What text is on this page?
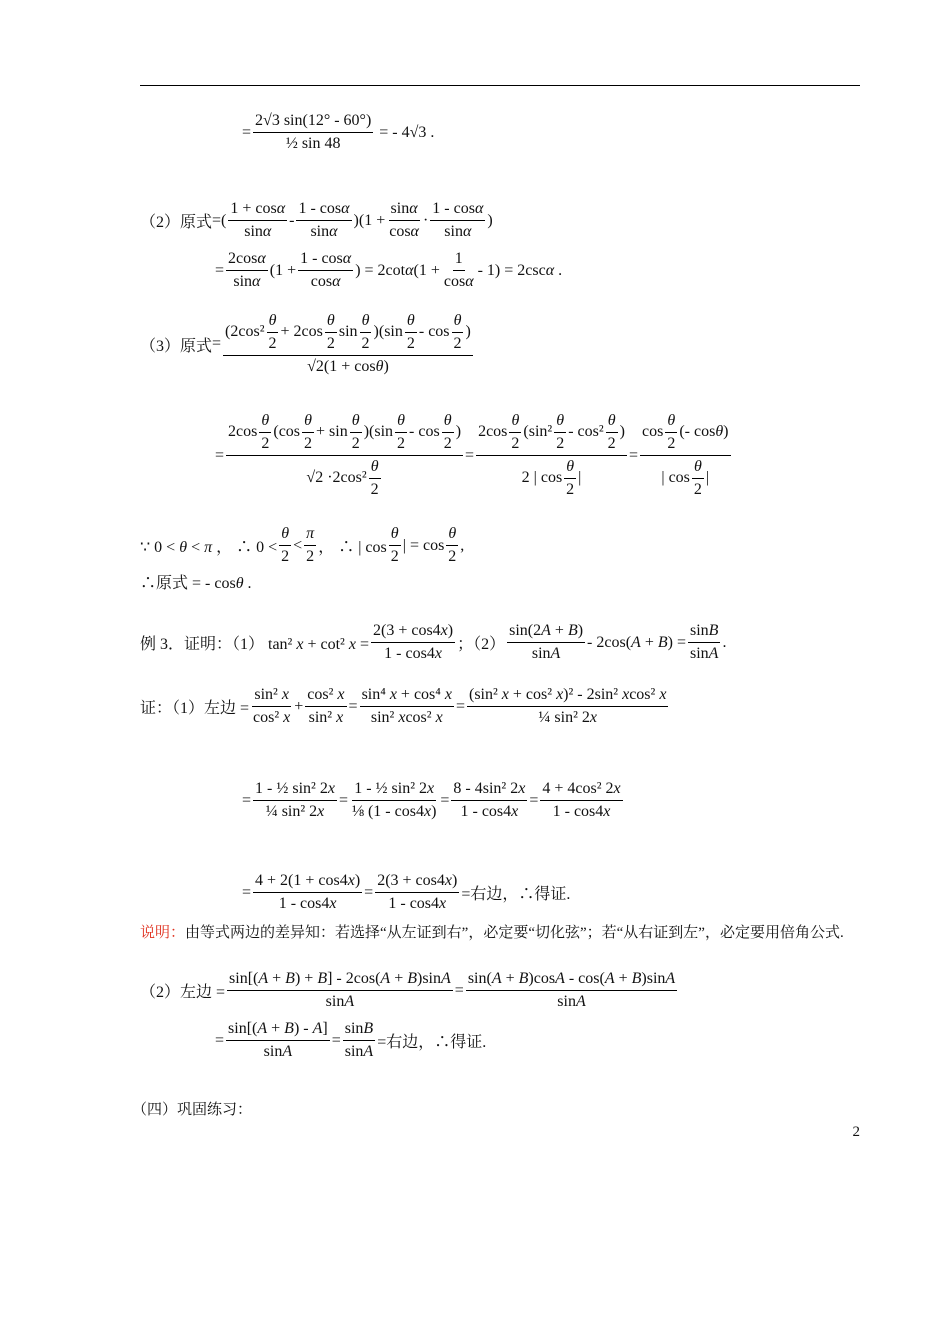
= $\frac{2√3 \sin(12^\circ - 60^\circ)}{\text{½ sin 48}}$ = - 4√3 .
（2）原式 =(
1 + cosα
sinα
-
1 - cosα
sinα
)($1 + \frac{\sin\alpha}{\cos\alpha}$ ·
1 - cosα
sinα
)
= $\frac{2\cos\alpha}{\sin\alpha} (1 + \frac{1 - \cos\alpha}{\cos\alpha}$ ) = $2\cot\alpha(1 + \frac{1}{\cos\alpha} - 1) = 2\csc\alpha$ .
（3）原式 = $\frac{(2\cos^2 \frac{\theta}{2} + 2\cos \frac{\theta}{2} \sin \frac{\theta}{2} )(\sin \frac{\theta}{2} - \cos \frac{\theta}{2} )}{√2(1 + \cos\theta)}$
= $\frac{2\cos \frac{\theta}{2} (\cos \frac{\theta}{2} + \sin \frac{\theta}{2} )(\sin \frac{\theta}{2} - \cos \frac{\theta}{2} )}{√2 \cdot 2\cos^2 \frac{\theta}{2}} = \frac{2\cos \frac{\theta}{2} (\sin^2 \frac{\theta}{2} - \cos^2 \frac{\theta}{2} )}{2 | \cos \frac{\theta}{2} |} = \frac{\cos \frac{\theta}{2} (- \cos\theta)}{| \cos \frac{\theta}{2} |}$
∵ 0 < θ < π ， ∴ 0 <
θ
2
<
π
2
， ∴ | cos
θ
2
| = cos
θ
2
,
∴原式 = - cosθ .
例 3．证明：（1） tan² x + cot² $x = \frac{2(3 + \cos 4x)}{1 - \cos 4x}$ ；（2）
sin(2A + B)
sinA
- $2\cos(A + B) = \frac{\sin B}{\sin A}$ .
证：（1）左边 = $\frac{\text{sin² x}}{\text{cos² x}} + \frac{\text{cos² x}}{\text{sin² x}} = \frac{\text{sin⁴ x + cos⁴ x}}{\text{sin² xcos² x}} = \frac{\text{(sin² x + cos² x)² - 2sin² xcos² x}}{\text{¼ sin² 2x}}$
= $\frac{\text{1 - ½ sin² 2x}}{\text{¼ sin² 2x}} = \frac{\text{1 - ½ sin² 2x}}{\text{⅛ (1 - cos4x)}} = \frac{\text{8 - 4sin² 2x}}{1 - \cos 4x} = \frac{\text{4 + 4cos² 2x}}{1 - \cos 4x}$
= $\frac{4 + 2(1 + \cos 4x)}{1 - \cos 4x} = \frac{2(3 + \cos 4x)}{1 - \cos 4x}$ =右边，∴得证.
说明：由等式两边的差异知：若选择“从左证到右”，必定要“切化弦”；若“从右证到左”，必定要用倍角公式.
（2）左边 = $\frac{\sin[(A + B) + B] - 2\cos(A + B)\sin A}{\sin A} = \frac{\sin(A + B)\cos A - \cos(A + B)\sin A}{\sin A}$
= $\frac{\sin[(A + B) - A]}{\sin A} = \frac{\sin B}{\sin A}$ =右边，∴得证.
（四）巩固练习：
2
